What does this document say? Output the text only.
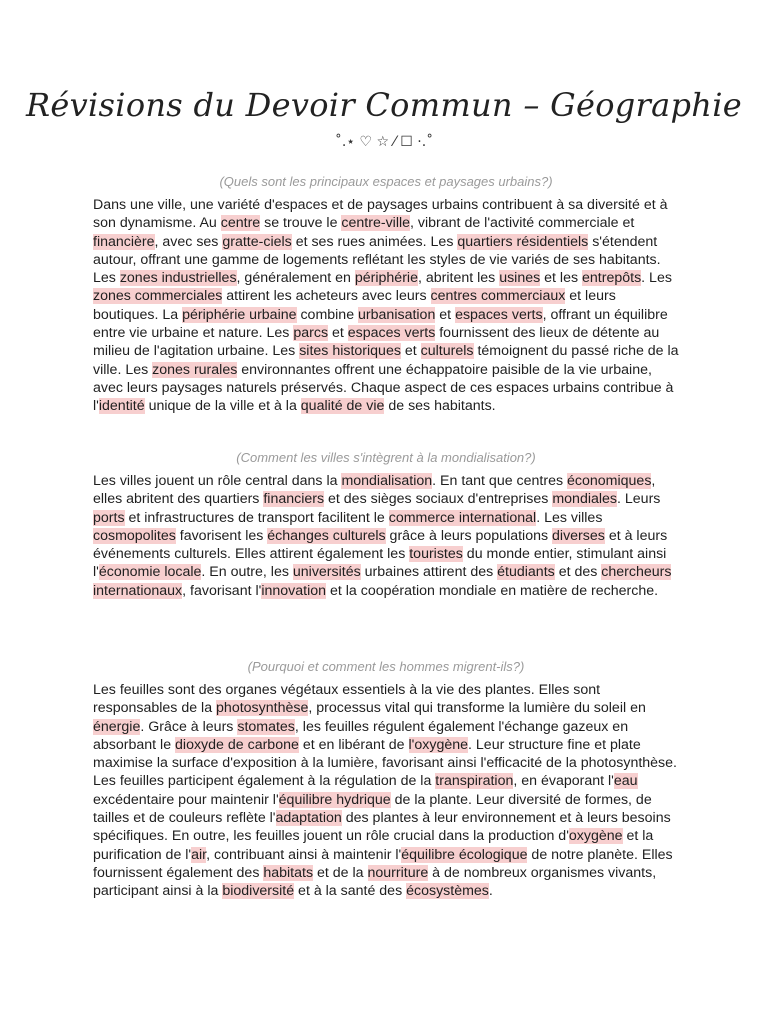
Révisions du Devoir Commun – Géographie
˚.⋆ ♡ ☆ ⁄ ☐ ·.˚

(Quels sont les principaux espaces et paysages urbains?)

Dans une ville, une variété d'espaces et de paysages urbains contribuent à sa diversité et à son dynamisme. Au centre se trouve le centre-ville, vibrant de l'activité commerciale et financière, avec ses gratte-ciels et ses rues animées. Les quartiers résidentiels s'étendent autour, offrant une gamme de logements reflétant les styles de vie variés de ses habitants. Les zones industrielles, généralement en périphérie, abritent les usines et les entrepôts. Les zones commerciales attirent les acheteurs avec leurs centres commerciaux et leurs boutiques. La périphérie urbaine combine urbanisation et espaces verts, offrant un équilibre entre vie urbaine et nature. Les parcs et espaces verts fournissent des lieux de détente au milieu de l'agitation urbaine. Les sites historiques et culturels témoignent du passé riche de la ville. Les zones rurales environnantes offrent une échappatoire paisible de la vie urbaine, avec leurs paysages naturels préservés. Chaque aspect de ces espaces urbains contribue à l'identité unique de la ville et à la qualité de vie de ses habitants.

(Comment les villes s'intègrent à la mondialisation?)

Les villes jouent un rôle central dans la mondialisation. En tant que centres économiques, elles abritent des quartiers financiers et des sièges sociaux d'entreprises mondiales. Leurs ports et infrastructures de transport facilitent le commerce international. Les villes cosmopolites favorisent les échanges culturels grâce à leurs populations diverses et à leurs événements culturels. Elles attirent également les touristes du monde entier, stimulant ainsi l'économie locale. En outre, les universités urbaines attirent des étudiants et des chercheurs internationaux, favorisant l'innovation et la coopération mondiale en matière de recherche.

(Pourquoi et comment les hommes migrent-ils?)

Les feuilles sont des organes végétaux essentiels à la vie des plantes. Elles sont responsables de la photosynthèse, processus vital qui transforme la lumière du soleil en énergie. Grâce à leurs stomates, les feuilles régulent également l'échange gazeux en absorbant le dioxyde de carbone et en libérant de l'oxygène. Leur structure fine et plate maximise la surface d'exposition à la lumière, favorisant ainsi l'efficacité de la photosynthèse. Les feuilles participent également à la régulation de la transpiration, en évaporant l'eau excédentaire pour maintenir l'équilibre hydrique de la plante. Leur diversité de formes, de tailles et de couleurs reflète l'adaptation des plantes à leur environnement et à leurs besoins spécifiques. En outre, les feuilles jouent un rôle crucial dans la production d'oxygène et la purification de l'air, contribuant ainsi à maintenir l'équilibre écologique de notre planète. Elles fournissent également des habitats et de la nourriture à de nombreux organismes vivants, participant ainsi à la biodiversité et à la santé des écosystèmes.
